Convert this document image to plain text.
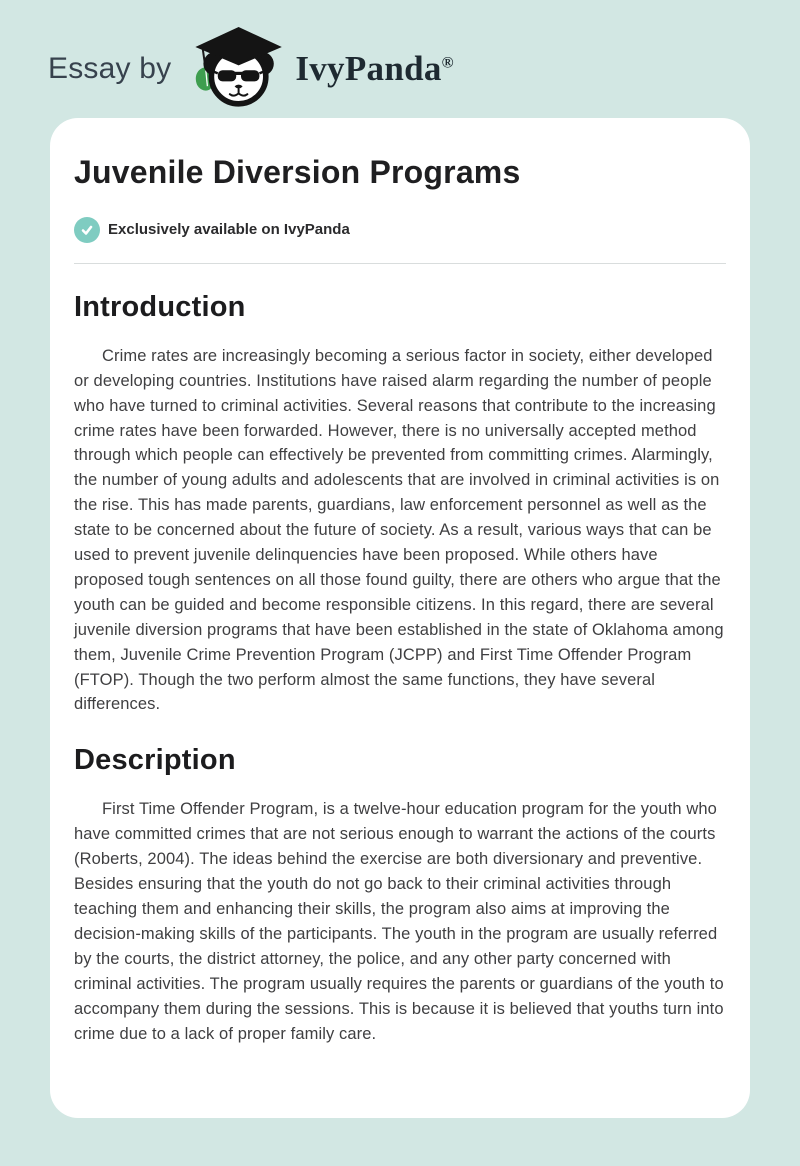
Essay by	IvyPanda®
Juvenile Diversion Programs
Exclusively available on IvyPanda
Introduction

Crime rates are increasingly becoming a serious factor in society, either developed or developing countries. Institutions have raised alarm regarding the number of people who have turned to criminal activities. Several reasons that contribute to the increasing crime rates have been forwarded. However, there is no universally accepted method through which people can effectively be prevented from committing crimes. Alarmingly, the number of young adults and adolescents that are involved in criminal activities is on the rise. This has made parents, guardians, law enforcement personnel as well as the state to be concerned about the future of society. As a result, various ways that can be used to prevent juvenile delinquencies have been proposed. While others have proposed tough sentences on all those found guilty, there are others who argue that the youth can be guided and become responsible citizens. In this regard, there are several juvenile diversion programs that have been established in the state of Oklahoma among them, Juvenile Crime Prevention Program (JCPP) and First Time Offender Program (FTOP). Though the two perform almost the same functions, they have several differences.

Description

First Time Offender Program, is a twelve-hour education program for the youth who have committed crimes that are not serious enough to warrant the actions of the courts (Roberts, 2004). The ideas behind the exercise are both diversionary and preventive. Besides ensuring that the youth do not go back to their criminal activities through teaching them and enhancing their skills, the program also aims at improving the decision-making skills of the participants. The youth in the program are usually referred by the courts, the district attorney, the police, and any other party concerned with criminal activities. The program usually requires the parents or guardians of the youth to accompany them during the sessions. This is because it is believed that youths turn into crime due to a lack of proper family care.
